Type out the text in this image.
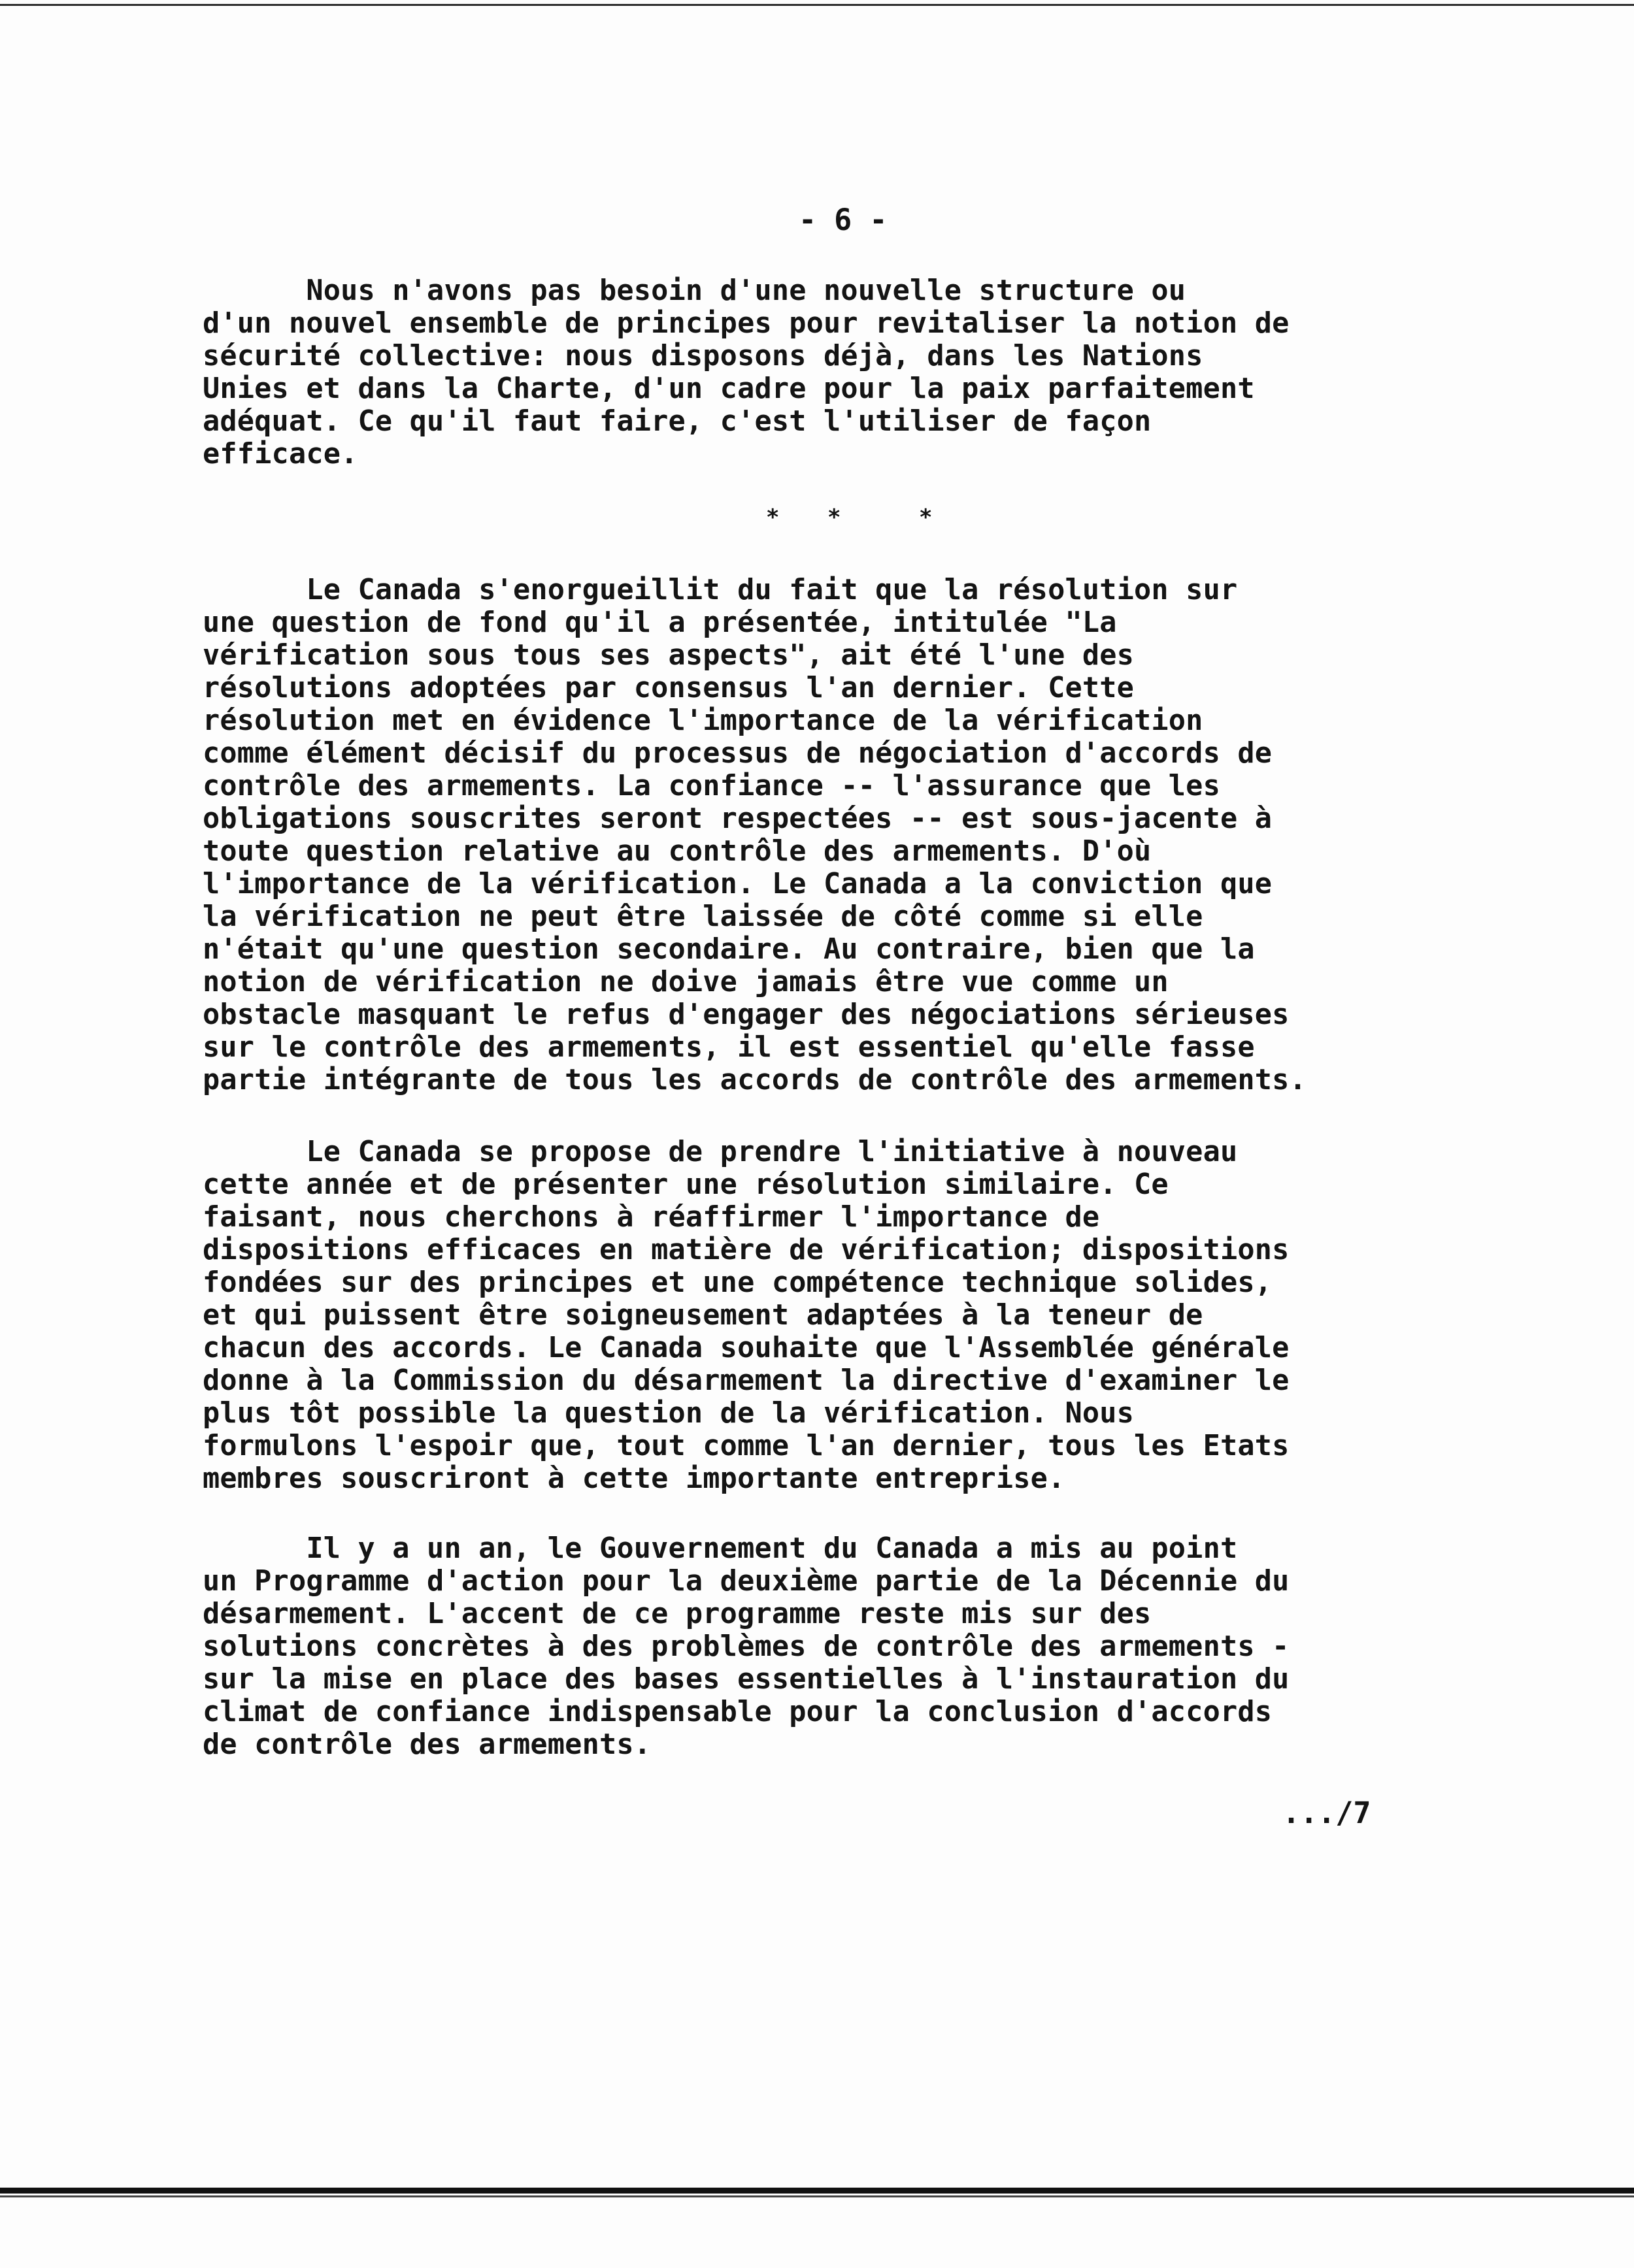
- 6 -
Nous n'avons pas besoin d'une nouvelle structure ou
d'un nouvel ensemble de principes pour revitaliser la notion de
sécurité collective: nous disposons déjà, dans les Nations
Unies et dans la Charte, d'un cadre pour la paix parfaitement
adéquat. Ce qu'il faut faire, c'est l'utiliser de façon
efficace.
* *	*
Le Canada s'enorgueillit du fait que la résolution sur
une question de fond qu'il a présentée, intitulée "La
vérification sous tous ses aspects", ait été l'une des
résolutions adoptées par consensus l'an dernier. Cette
résolution met en évidence l'importance de la vérification
comme élément décisif du processus de négociation d'accords de
contrôle des armements. La confiance -- l'assurance que les
obligations souscrites seront respectées -- est sous-jacente à
toute question relative au contrôle des armements. D'où
l'importance de la vérification. Le Canada a la conviction que
la vérification ne peut être laissée de côté comme si elle
n'était qu'une question secondaire. Au contraire, bien que la
notion de vérification ne doive jamais être vue comme un
obstacle masquant le refus d'engager des négociations sérieuses
sur le contrôle des armements, il est essentiel qu'elle fasse
partie intégrante de tous les accords de contrôle des armements.
Le Canada se propose de prendre l'initiative à nouveau
cette année et de présenter une résolution similaire. Ce
faisant, nous cherchons à réaffirmer l'importance de
dispositions efficaces en matière de vérification; dispositions
fondées sur des principes et une compétence technique solides,
et qui puissent être soigneusement adaptées à la teneur de
chacun des accords. Le Canada souhaite que l'Assemblée générale
donne à la Commission du désarmement la directive d'examiner le
plus tôt possible la question de la vérification. Nous
formulons l'espoir que, tout comme l'an dernier, tous les Etats
membres souscriront à cette importante entreprise.
Il y a un an, le Gouvernement du Canada a mis au point
un Programme d'action pour la deuxième partie de la Décennie du
désarmement. L'accent de ce programme reste mis sur des
solutions concrètes à des problèmes de contrôle des armements -
sur la mise en place des bases essentielles à l'instauration du
climat de confiance indispensable pour la conclusion d'accords
de contrôle des armements.
.../7
